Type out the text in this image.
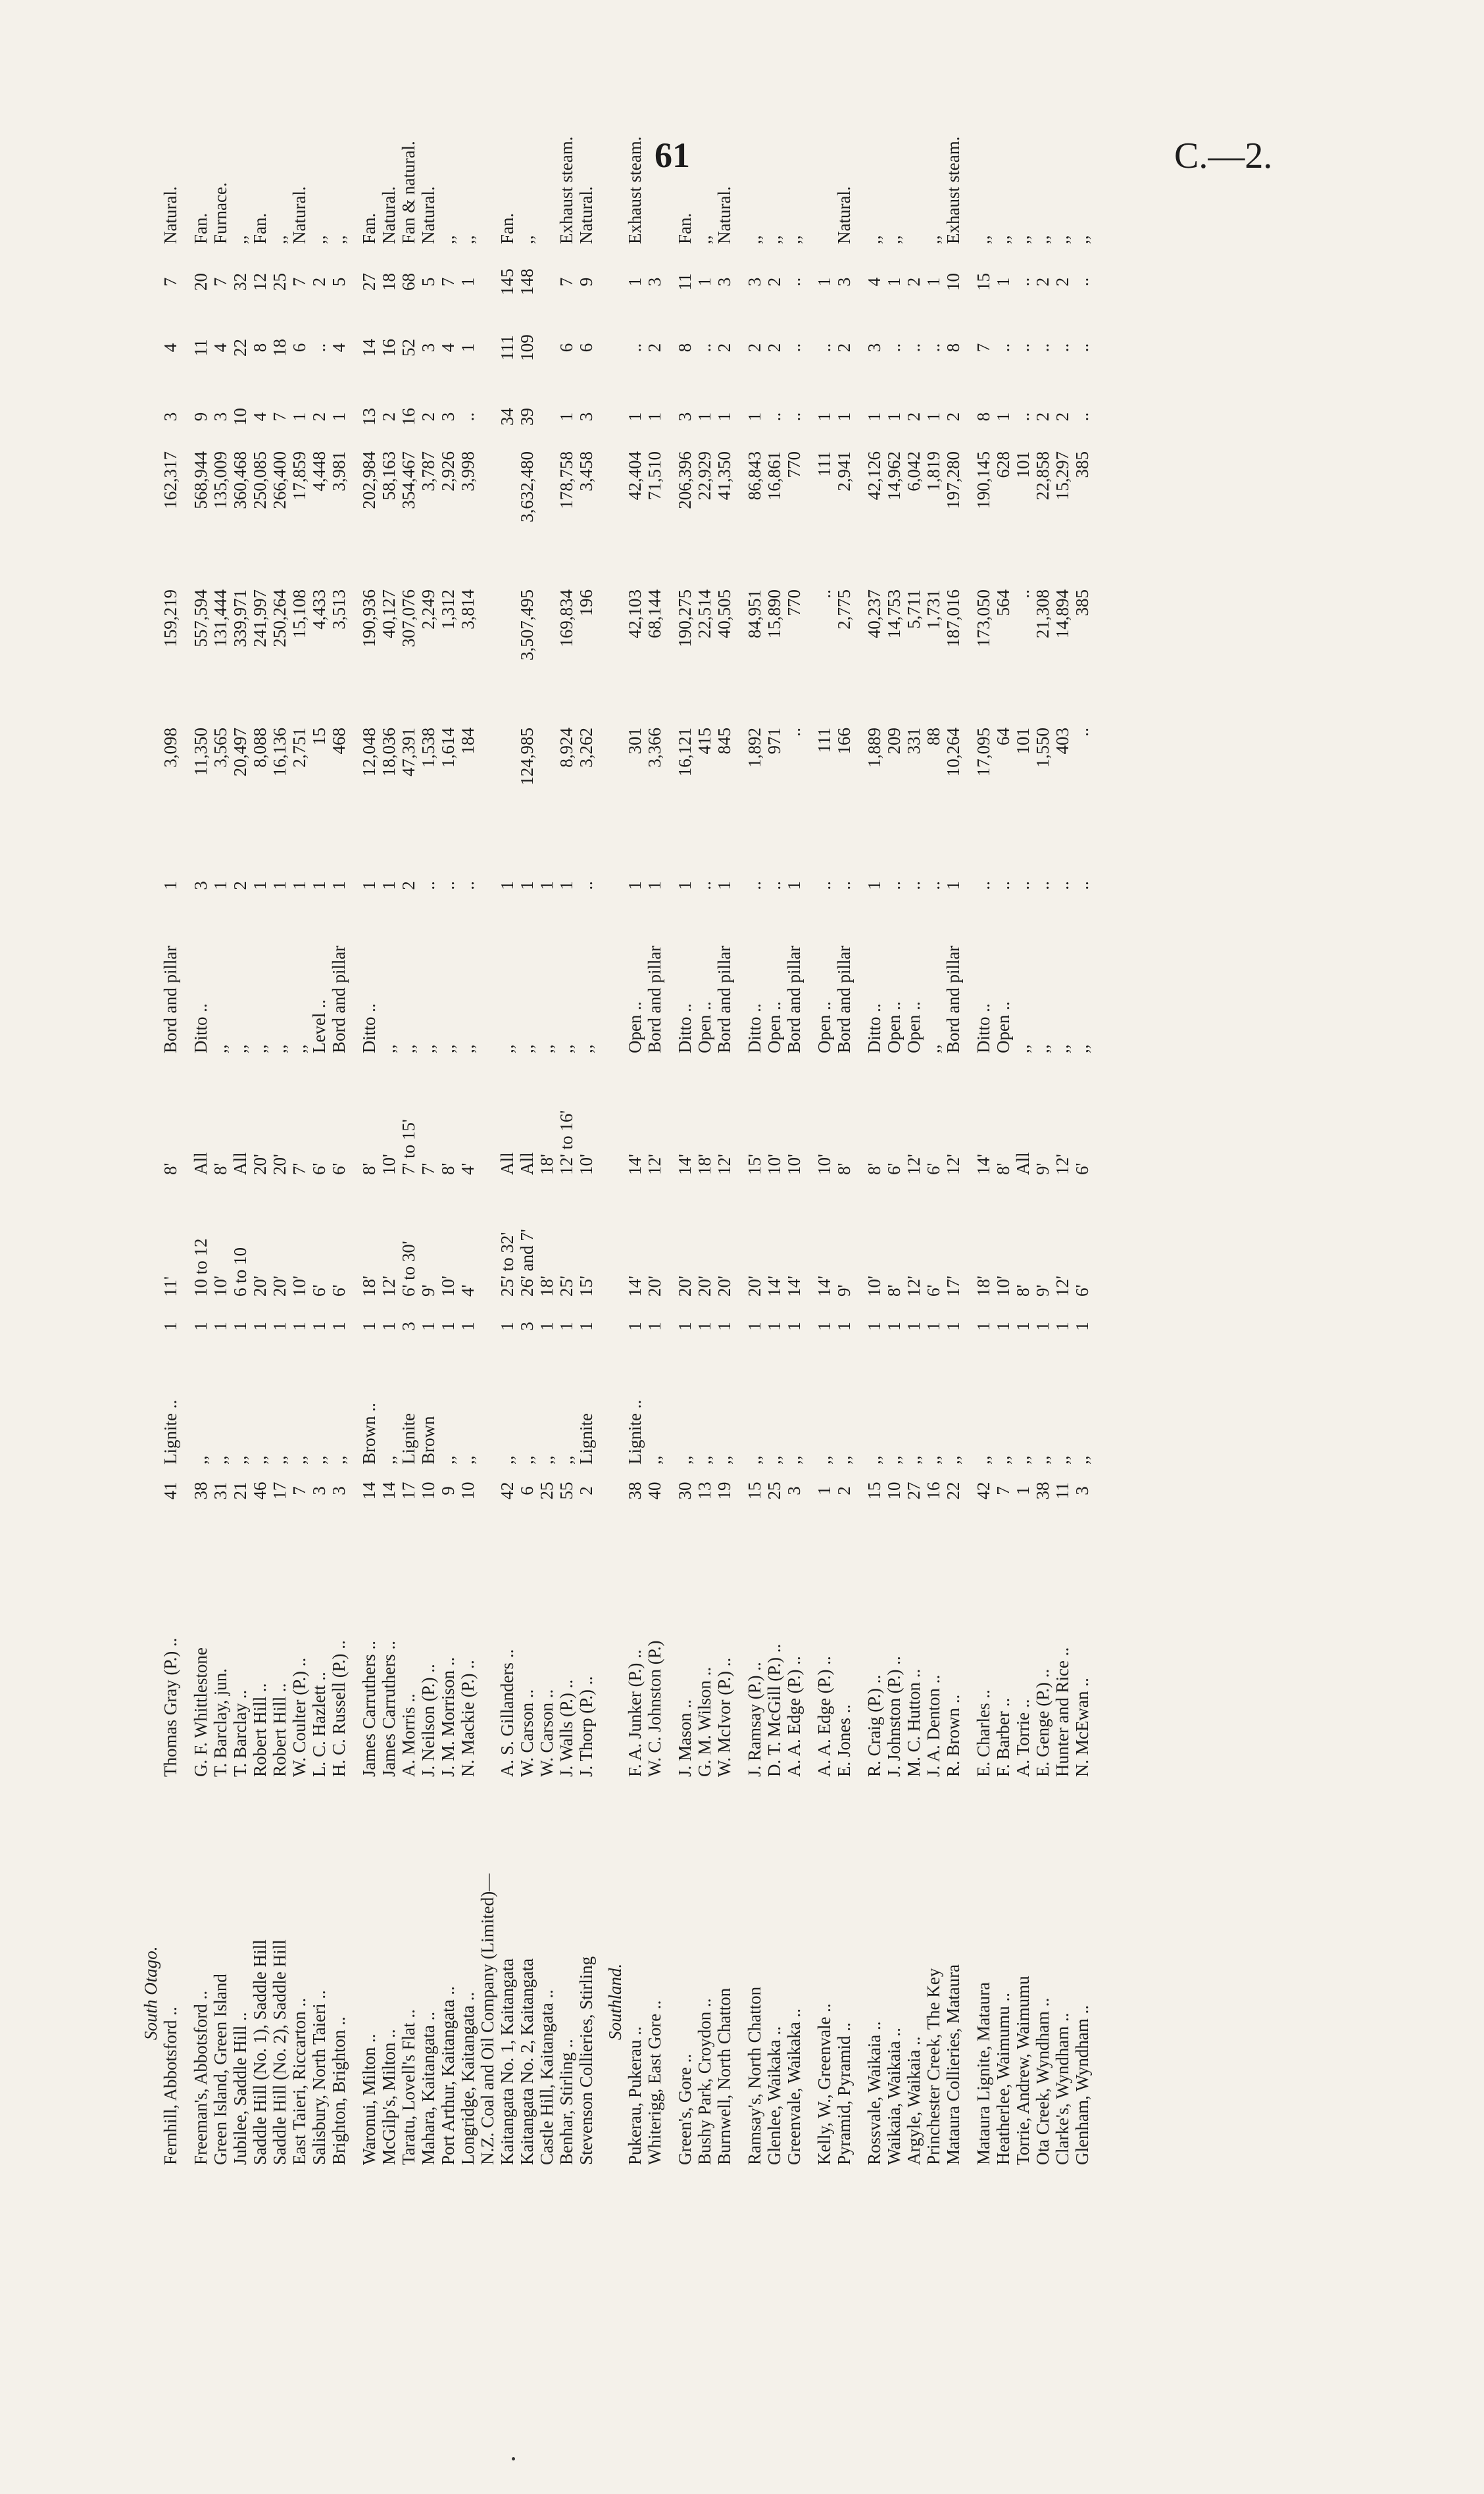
61	C.—2.
South Otago.
Fernhill, Abbotsford ..
Thomas Gray (P.) ..
41
Lignite ..
1
11'
8'
Bord and pillar
1
3,098
159,219
162,317
3
4
7
Natural.
Freeman's, Abbotsford ..
G. F. Whittlestone
38
,,
1
10 to 12
All
Ditto ..
3
11,350
557,594
568,944
9
11
20
Fan.
Green Island, Green Island
T. Barclay, jun.
31
,,
1
10'
8'
,,
1
3,565
131,444
135,009
3
4
7
Furnace.
Jubilee, Saddle Hill ..
T. Barclay ..
21
,,
1
6 to 10
All
,,
2
20,497
339,971
360,468
10
22
32
,,
Saddle Hill (No. 1), Saddle Hill
Robert Hill ..
46
,,
1
20'
20'
,,
1
8,088
241,997
250,085
4
8
12
Fan.
Saddle Hill (No. 2), Saddle Hill
Robert Hill ..
17
,,
1
20'
20'
,,
1
16,136
250,264
266,400
7
18
25
,,
East Taieri, Riccarton ..
W. Coulter (P.) ..
7
,,
1
10'
7'
,,
1
2,751
15,108
17,859
1
6
7
Natural.
Salisbury, North Taieri ..
L. C. Hazlett ..
3
,,
1
6'
6'
Level ..
1
15
4,433
4,448
2
..
2
,,
Brighton, Brighton ..
H. C. Russell (P.) ..
3
,,
1
6'
6'
Bord and pillar
1
468
3,513
3,981
1
4
5
,,
Waronui, Milton ..
James Carruthers ..
14
Brown ..
1
18'
8'
Ditto ..
1
12,048
190,936
202,984
13
14
27
Fan.
McGilp's, Milton ..
James Carruthers ..
14
,,
1
12'
10'
,,
1
18,036
40,127
58,163
2
16
18
Natural.
Taratu, Lovell's Flat ..
A. Morris ..
17
Lignite
3
6' to 30'
7' to 15'
,,
2
47,391
307,076
354,467
16
52
68
Fan & natural.
Mahara, Kaitangata ..
J. Neilson (P.) ..
10
Brown
1
9'
7'
,,
..
1,538
2,249
3,787
2
3
5
Natural.
Port Arthur, Kaitangata ..
J. M. Morrison ..
9
,,
1
10'
8'
,,
..
1,614
1,312
2,926
3
4
7
,,
Longridge, Kaitangata ..
N. Mackie (P.) ..
10
,,
1
4'
4'
,,
..
184
3,814
3,998
..
1
1
,,
N.Z. Coal and Oil Company (Limited)— Kaitangata No. 1, Kaitangata
A. S. Gillanders ..
42
,,
1
25' to 32'
All
,,
1
34
111
145
Fan.
Kaitangata No. 2, Kaitangata
W. Carson ..
6
,,
3
26' and 7'
All
,,
1
124,985
3,507,495
3,632,480
39
109
148
,,
Castle Hill, Kaitangata ..
W. Carson ..
25
,,
1
18'
18'
,,
1
Benhar, Stirling ..
J. Walls (P.) ..
55
,,
1
25'
12' to 16'
,,
1
8,924
169,834
178,758
1
6
7
Exhaust steam.
Stevenson Collieries, Stirling
J. Thorp (P.) ..
2
Lignite
1
15'
10'
,,
..
3,262
196
3,458
3
6
9
Natural.
Southland.
Pukerau, Pukerau ..
F. A. Junker (P.) ..
38
Lignite ..
1
14'
14'
Open ..
1
301
42,103
42,404
1
..
1
Exhaust steam.
Whiterigg, East Gore ..
W. C. Johnston (P.)
40
,,
1
20'
12'
Bord and pillar
1
3,366
68,144
71,510
1
2
3
Green's, Gore ..
J. Mason ..
30
,,
1
20'
14'
Ditto ..
1
16,121
190,275
206,396
3
8
11
Fan.
Bushy Park, Croydon ..
G. M. Wilson ..
13
,,
1
20'
18'
Open ..
..
415
22,514
22,929
1
..
1
,,
Burnwell, North Chatton
W. McIvor (P.) ..
19
,,
1
20'
12'
Bord and pillar
1
845
40,505
41,350
1
2
3
Natural.
Ramsay's, North Chatton
J. Ramsay (P.) ..
15
,,
1
20'
15'
Ditto ..
..
1,892
84,951
86,843
1
2
3
,,
Glenlee, Waikaka ..
D. T. McGill (P.) ..
25
,,
1
14'
10'
Open ..
..
971
15,890
16,861
..
2
2
,,
Greenvale, Waikaka ..
A. A. Edge (P.) ..
3
,,
1
14'
10'
Bord and pillar
1
..
770
770
..
..
..
,,
Kelly, W., Greenvale ..
A. A. Edge (P.) ..
1
,,
1
14'
10'
Open ..
..
111
..
111
1
..
1
Pyramid, Pyramid ..
E. Jones ..
2
,,
1
9'
8'
Bord and pillar
..
166
2,775
2,941
1
2
3
Natural.
Rossvale, Waikaia ..
R. Craig (P.) ..
15
,,
1
10'
8'
Ditto ..
1
1,889
40,237
42,126
1
3
4
,,
Waikaia, Waikaia ..
J. Johnston (P.) ..
10
,,
1
8'
6'
Open ..
..
209
14,753
14,962
1
..
1
,,
Argyle, Waikaia ..
M. C. Hutton ..
27
,,
1
12'
12'
Open ..
..
331
5,711
6,042
2
..
2
Princhester Creek, The Key
J. A. Denton ..
16
,,
1
6'
6'
,,
..
88
1,731
1,819
1
..
1
,,
Mataura Collieries, Mataura
R. Brown ..
22
,,
1
17'
12'
Bord and pillar
1
10,264
187,016
197,280
2
8
10
Exhaust steam.
Mataura Lignite, Mataura
E. Charles ..
42
,,
1
18'
14'
Ditto ..
..
17,095
173,050
190,145
8
7
15
,,
Heatherlee, Waimumu ..
F. Barber ..
7
,,
1
10'
8'
Open ..
..
64
564
628
1
..
1
,,
Torrie, Andrew, Waimumu
A. Torrie ..
1
,,
1
8'
All
,,
..
101
..
101
..
..
..
,,
Ota Creek, Wyndham ..
E. Genge (P.) ..
38
,,
1
9'
9'
,,
..
1,550
21,308
22,858
2
..
2
,,
Clarke's, Wyndham ..
Hunter and Rice ..
11
,,
1
12'
12'
,,
..
403
14,894
15,297
2
..
2
,,
Glenham, Wyndham ..
N. McEwan ..
3
,,
1
6'
6'
,,
..
..
385
385
..
..
..
,,
